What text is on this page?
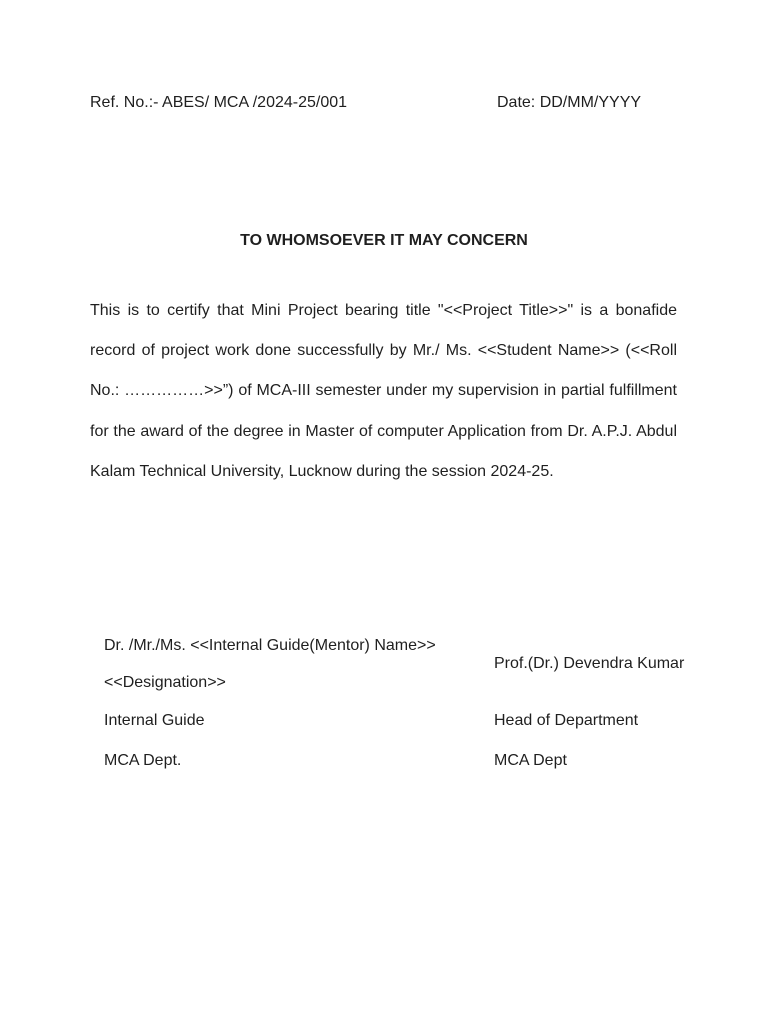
Ref. No.:- ABES/ MCA /2024-25/001	Date: DD/MM/YYYY
TO WHOMSOEVER IT MAY CONCERN

This is to certify that Mini Project bearing title "<<Project Title>>" is a bonafide record of project work done successfully by Mr./ Ms. <<Student Name>> (<<Roll No.: ……………>>”) of MCA-III semester under my supervision in partial fulfillment for the award of the degree in Master of computer Application from Dr. A.P.J. Abdul Kalam Technical University, Lucknow during the session 2024-25.

Dr. /Mr./Ms. <<Internal Guide(Mentor) Name>>
<<Designation>>
Internal Guide
MCA Dept.
Prof.(Dr.) Devendra Kumar
Head of Department
MCA Dept
